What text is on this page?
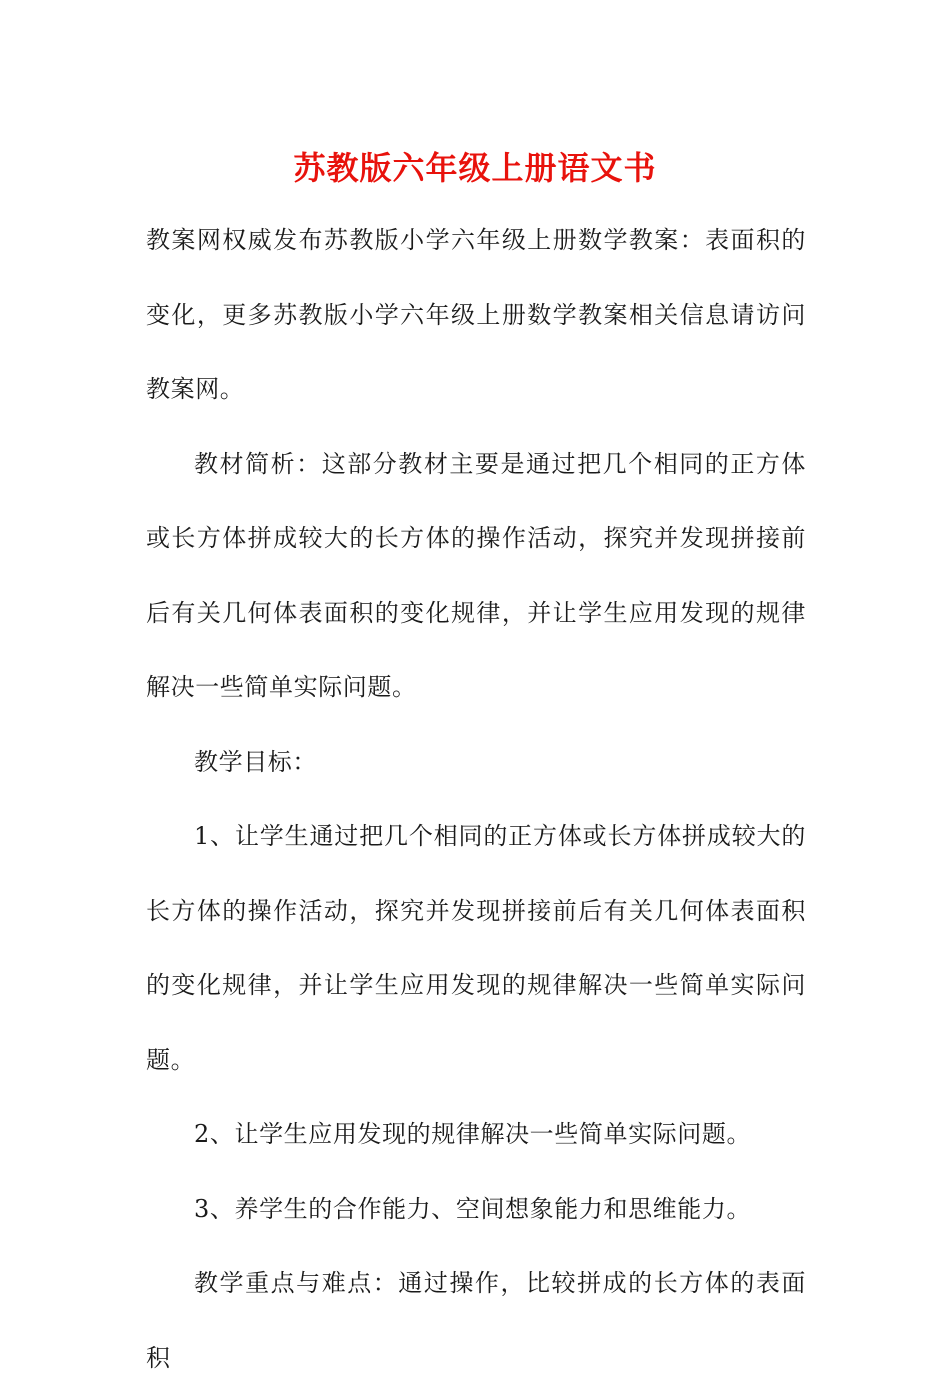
苏教版六年级上册语文书

教案网权威发布苏教版小学六年级上册数学教案：表面积的变化，更多苏教版小学六年级上册数学教案相关信息请访问教案网。

教材简析：这部分教材主要是通过把几个相同的正方体或长方体拼成较大的长方体的操作活动，探究并发现拼接前后有关几何体表面积的变化规律，并让学生应用发现的规律解决一些简单实际问题。

教学目标：

1、让学生通过把几个相同的正方体或长方体拼成较大的长方体的操作活动，探究并发现拼接前后有关几何体表面积的变化规律，并让学生应用发现的规律解决一些简单实际问题。

2、让学生应用发现的规律解决一些简单实际问题。

3、养学生的合作能力、空间想象能力和思维能力。

教学重点与难点：通过操作，比较拼成的长方体的表面积
